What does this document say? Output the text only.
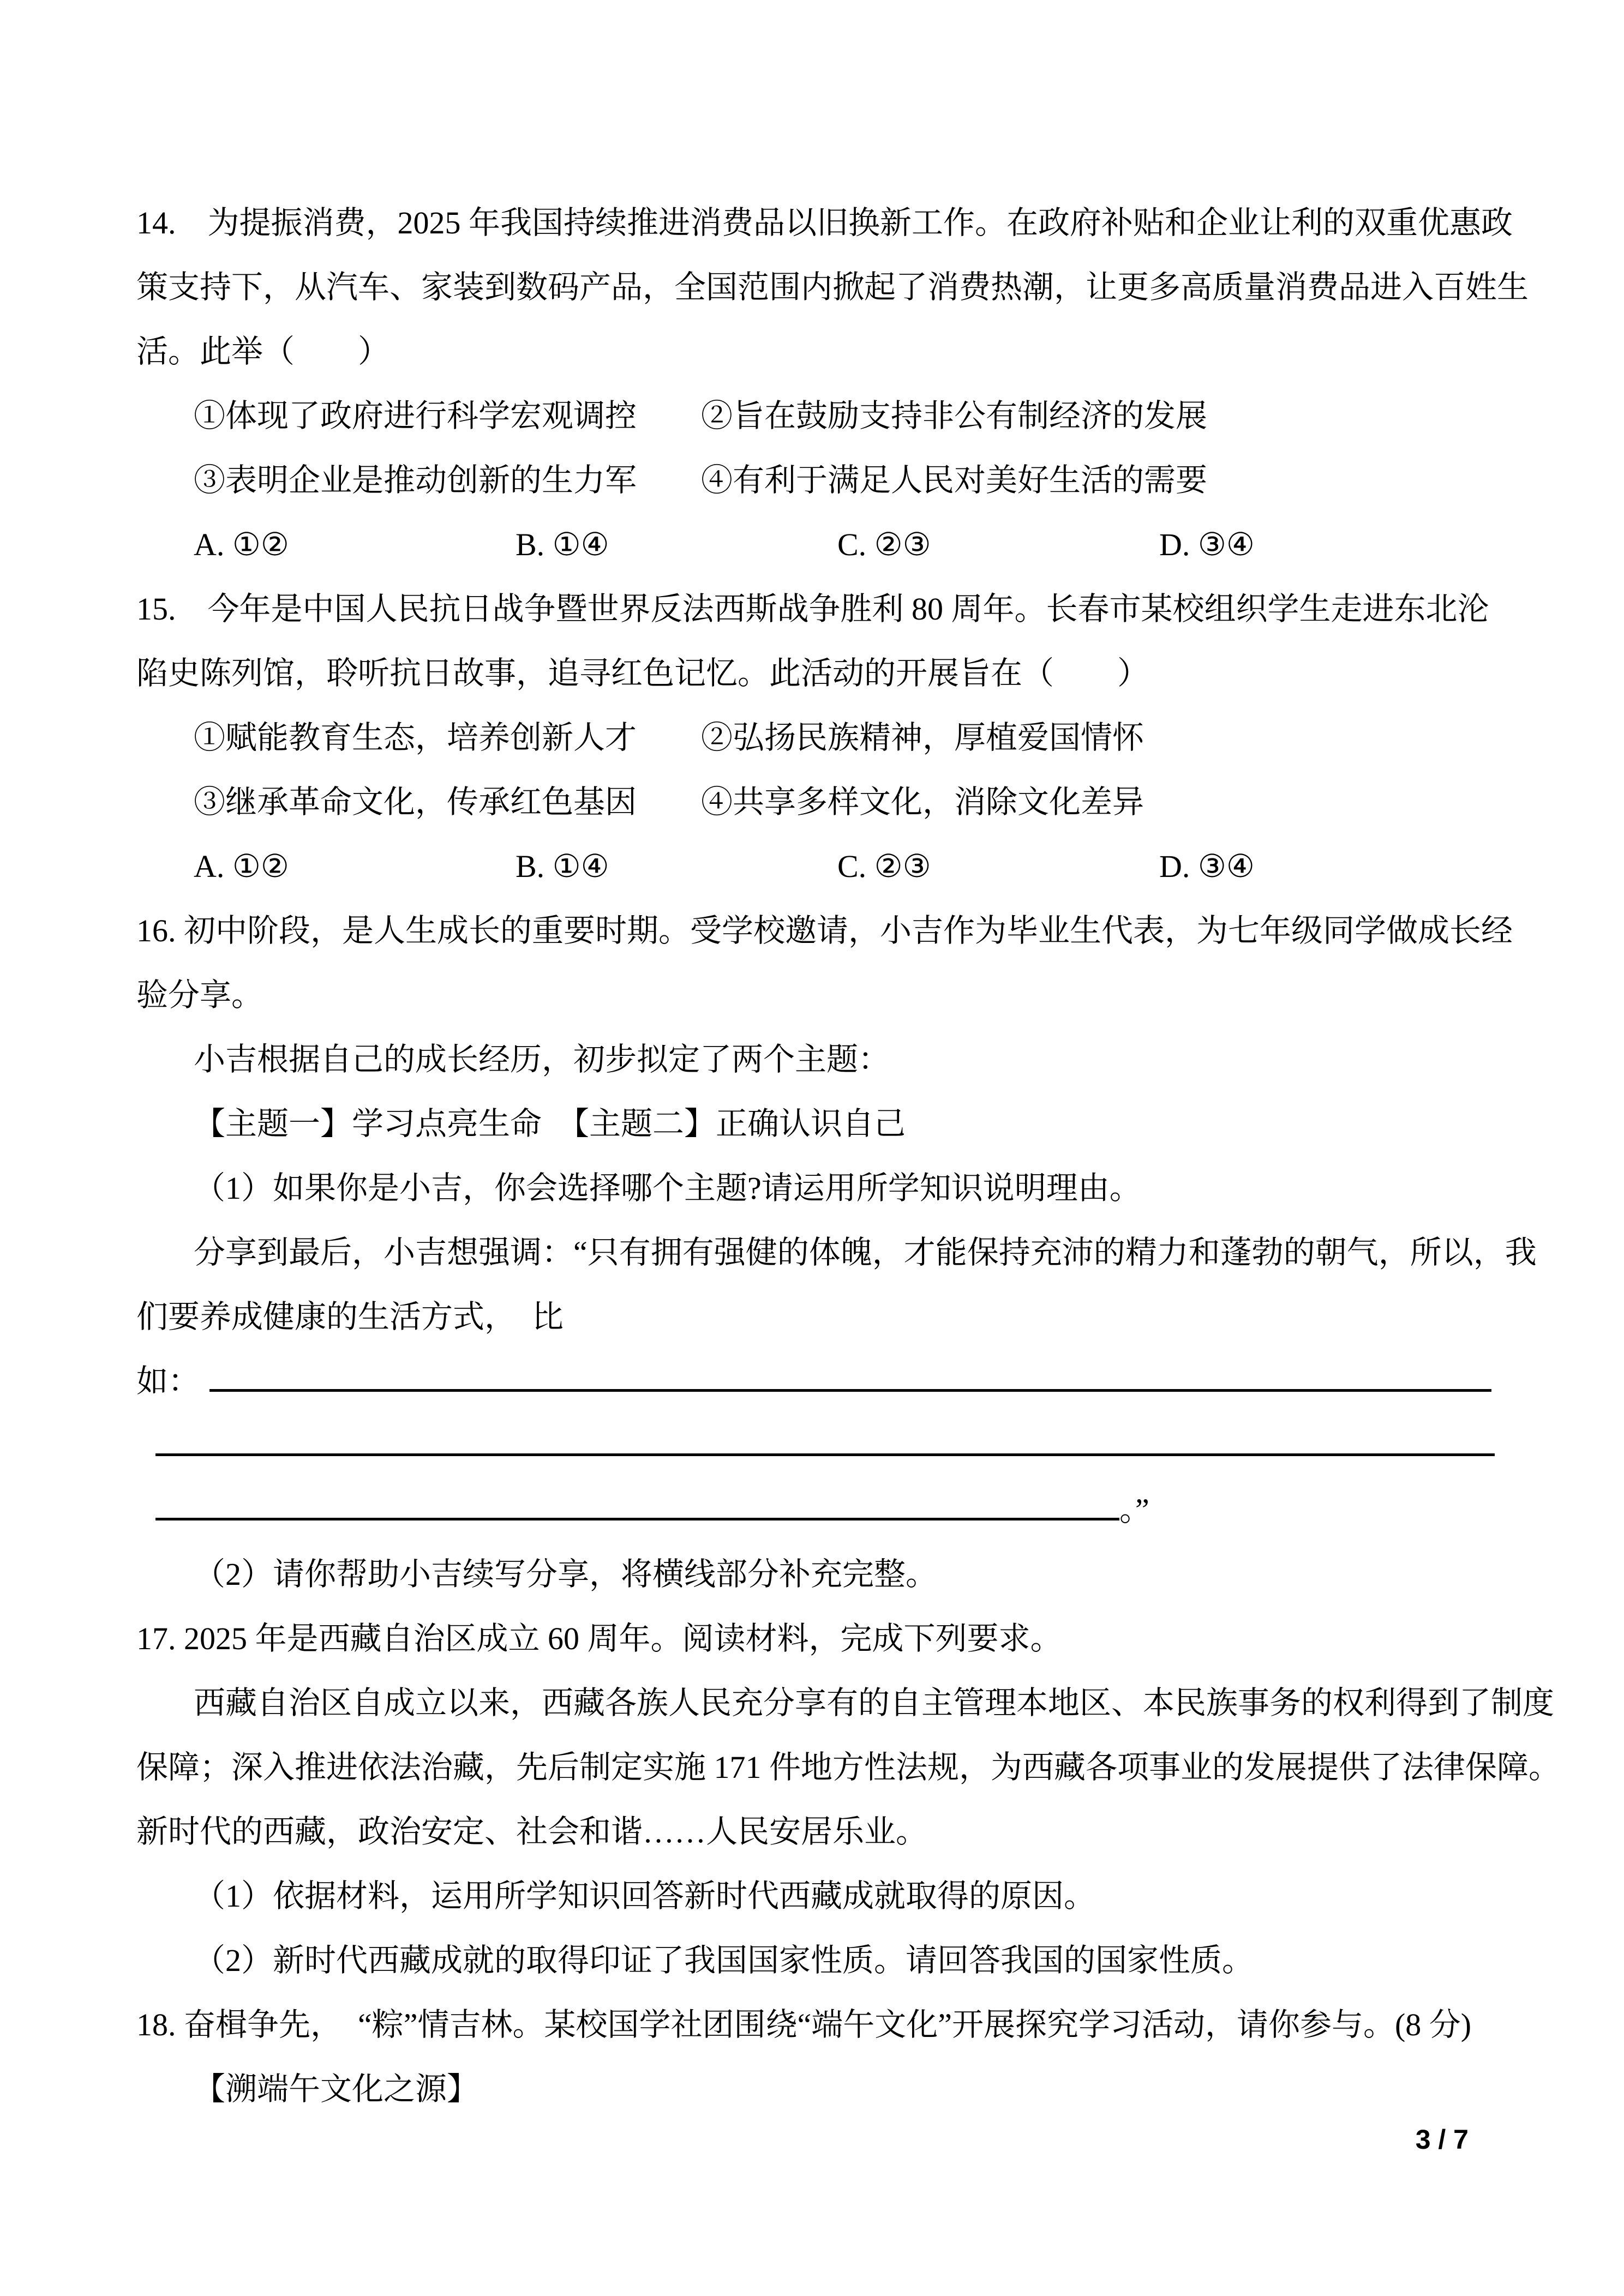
14.　为提振消费，2025 年我国持续推进消费品以旧换新工作。在政府补贴和企业让利的双重优惠政
策支持下，从汽车、家装到数码产品，全国范围内掀起了消费热潮，让更多高质量消费品进入百姓生
活。此举（　　）
①体现了政府进行科学宏观调控 ②旨在鼓励支持非公有制经济的发展
③表明企业是推动创新的生力军 ④有利于满足人民对美好生活的需要
A. ①②	B. ①④	C. ②③	D. ③④
15.　今年是中国人民抗日战争暨世界反法西斯战争胜利 80 周年。长春市某校组织学生走进东北沦
陷史陈列馆，聆听抗日故事，追寻红色记忆。此活动的开展旨在（　　）
①赋能教育生态，培养创新人才 ②弘扬民族精神，厚植爱国情怀
③继承革命文化，传承红色基因 ④共享多样文化，消除文化差异
A. ①②	B. ①④	C. ②③	D. ③④
16. 初中阶段，是人生成长的重要时期。受学校邀请，小吉作为毕业生代表，为七年级同学做成长经
验分享。
小吉根据自己的成长经历，初步拟定了两个主题：
【主题一】学习点亮生命　【主题二】正确认识自己
（1）如果你是小吉，你会选择哪个主题?请运用所学知识说明理由。
分享到最后，小吉想强调：“只有拥有强健的体魄，才能保持充沛的精力和蓬勃的朝气，所以，我
们要养成健康的生活方式，　比
如：
。”
（2）请你帮助小吉续写分享，将横线部分补充完整。
17. 2025 年是西藏自治区成立 60 周年。阅读材料，完成下列要求。
西藏自治区自成立以来，西藏各族人民充分享有的自主管理本地区、本民族事务的权利得到了制度
保障；深入推进依法治藏，先后制定实施 171 件地方性法规，为西藏各项事业的发展提供了法律保障。
新时代的西藏，政治安定、社会和谐……人民安居乐业。
（1）依据材料，运用所学知识回答新时代西藏成就取得的原因。
（2）新时代西藏成就的取得印证了我国国家性质。请回答我国的国家性质。
18. 奋楫争先，　“粽”情吉林。某校国学社团围绕“端午文化”开展探究学习活动，请你参与。(8 分)
【溯端午文化之源】
3 / 7
